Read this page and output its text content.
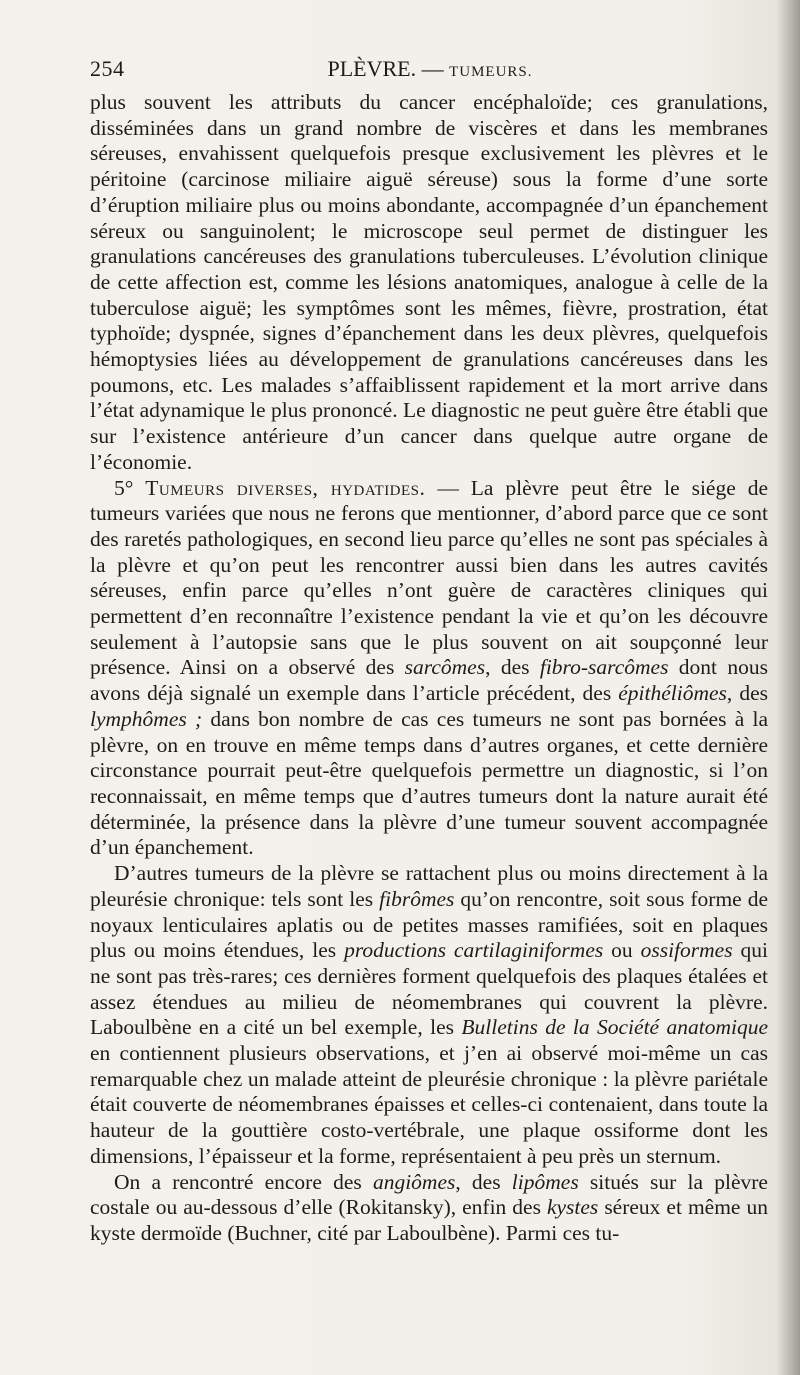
254	PLÈVRE. — TUMEURS.

plus souvent les attributs du cancer encéphaloïde; ces granulations, disséminées dans un grand nombre de viscères et dans les membranes séreuses, envahissent quelquefois presque exclusivement les plèvres et le péritoine (carcinose miliaire aiguë séreuse) sous la forme d’une sorte d’éruption miliaire plus ou moins abondante, accompagnée d’un épanchement séreux ou sanguinolent; le microscope seul permet de distinguer les granulations cancéreuses des granulations tuberculeuses. L’évolution clinique de cette affection est, comme les lésions anatomiques, analogue à celle de la tuberculose aiguë; les symptômes sont les mêmes, fièvre, prostration, état typhoïde; dyspnée, signes d’épanchement dans les deux plèvres, quelquefois hémoptysies liées au développement de granulations cancéreuses dans les poumons, etc. Les malades s’affaiblissent rapidement et la mort arrive dans l’état adynamique le plus prononcé. Le diagnostic ne peut guère être établi que sur l’existence antérieure d’un cancer dans quelque autre organe de l’économie.

5° Tumeurs diverses, hydatides. — La plèvre peut être le siége de tumeurs variées que nous ne ferons que mentionner, d’abord parce que ce sont des raretés pathologiques, en second lieu parce qu’elles ne sont pas spéciales à la plèvre et qu’on peut les rencontrer aussi bien dans les autres cavités séreuses, enfin parce qu’elles n’ont guère de caractères cliniques qui permettent d’en reconnaître l’existence pendant la vie et qu’on les découvre seulement à l’autopsie sans que le plus souvent on ait soupçonné leur présence. Ainsi on a observé des sarcômes, des fibro-sarcômes dont nous avons déjà signalé un exemple dans l’article précédent, des épithéliômes, des lymphômes ; dans bon nombre de cas ces tumeurs ne sont pas bornées à la plèvre, on en trouve en même temps dans d’autres organes, et cette dernière circonstance pourrait peut-être quelquefois permettre un diagnostic, si l’on reconnaissait, en même temps que d’autres tumeurs dont la nature aurait été déterminée, la présence dans la plèvre d’une tumeur souvent accompagnée d’un épanchement.

D’autres tumeurs de la plèvre se rattachent plus ou moins directement à la pleurésie chronique: tels sont les fibrômes qu’on rencontre, soit sous forme de noyaux lenticulaires aplatis ou de petites masses ramifiées, soit en plaques plus ou moins étendues, les productions cartilaginiformes ou ossiformes qui ne sont pas très-rares; ces dernières forment quelquefois des plaques étalées et assez étendues au milieu de néomembranes qui couvrent la plèvre. Laboulbène en a cité un bel exemple, les Bulletins de la Société anatomique en contiennent plusieurs observations, et j’en ai observé moi-même un cas remarquable chez un malade atteint de pleurésie chronique : la plèvre pariétale était couverte de néomembranes épaisses et celles-ci contenaient, dans toute la hauteur de la gouttière costo-vertébrale, une plaque ossiforme dont les dimensions, l’épaisseur et la forme, représentaient à peu près un sternum.

On a rencontré encore des angiômes, des lipômes situés sur la plèvre costale ou au-dessous d’elle (Rokitansky), enfin des kystes séreux et même un kyste dermoïde (Buchner, cité par Laboulbène). Parmi ces tu-
